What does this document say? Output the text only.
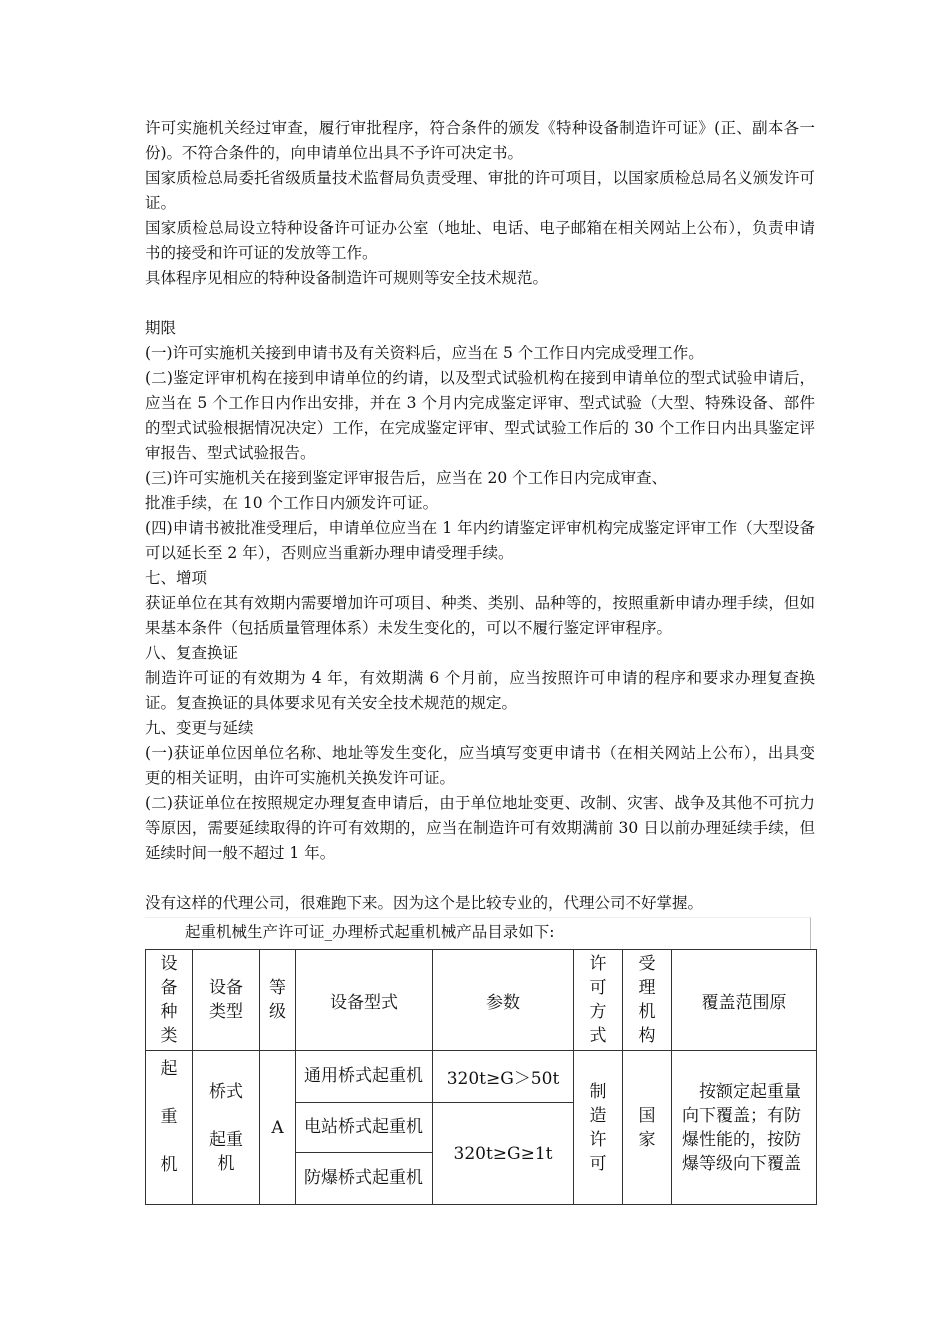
许可实施机关经过审查，履行审批程序，符合条件的颁发《特种设备制造许可证》(正、副本各一份)。不符合条件的，向申请单位出具不予许可决定书。

国家质检总局委托省级质量技术监督局负责受理、审批的许可项目，以国家质检总局名义颁发许可证。

国家质检总局设立特种设备许可证办公室（地址、电话、电子邮箱在相关网站上公布），负责申请书的接受和许可证的发放等工作。

具体程序见相应的特种设备制造许可规则等安全技术规范。

期限

(一)许可实施机关接到申请书及有关资料后，应当在 5 个工作日内完成受理工作。

(二)鉴定评审机构在接到申请单位的约请，以及型式试验机构在接到申请单位的型式试验申请后，应当在 5 个工作日内作出安排，并在 3 个月内完成鉴定评审、型式试验（大型、特殊设备、部件的型式试验根据情况决定）工作，在完成鉴定评审、型式试验工作后的 30 个工作日内出具鉴定评审报告、型式试验报告。

(三)许可实施机关在接到鉴定评审报告后，应当在 20 个工作日内完成审查、

批准手续，在 10 个工作日内颁发许可证。

(四)申请书被批准受理后，申请单位应当在 1 年内约请鉴定评审机构完成鉴定评审工作（大型设备可以延长至 2 年），否则应当重新办理申请受理手续。

七、增项

获证单位在其有效期内需要增加许可项目、种类、类别、品种等的，按照重新申请办理手续，但如果基本条件（包括质量管理体系）未发生变化的，可以不履行鉴定评审程序。

八、复查换证

制造许可证的有效期为 4 年，有效期满 6 个月前，应当按照许可申请的程序和要求办理复查换证。复查换证的具体要求见有关安全技术规范的规定。

九、变更与延续

(一)获证单位因单位名称、地址等发生变化，应当填写变更申请书（在相关网站上公布），出具变更的相关证明，由许可实施机关换发许可证。

(二)获证单位在按照规定办理复查申请后，由于单位地址变更、改制、灾害、战争及其他不可抗力等原因，需要延续取得的许可有效期的，应当在制造许可有效期满前 30 日以前办理延续手续，但延续时间一般不超过 1 年。

没有这样的代理公司，很难跑下来。因为这个是比较专业的，代理公司不好掌握。

起重机械生产许可证_办理桥式起重机械产品目录如下:
设
备
种
类	设备
类型	等
级	设备型式	参数	许
可
方
式	受
理
机
构	覆盖范围原
起

重

机	桥式

起重
机	A	通用桥式起重机	320t≥G＞50t	制
造
许
可	国
家	　按额定起重量向下覆盖；有防爆性能的，按防爆等级向下覆盖
			电站桥式起重机	320t≥G≥1t			
			防爆桥式起重机				
